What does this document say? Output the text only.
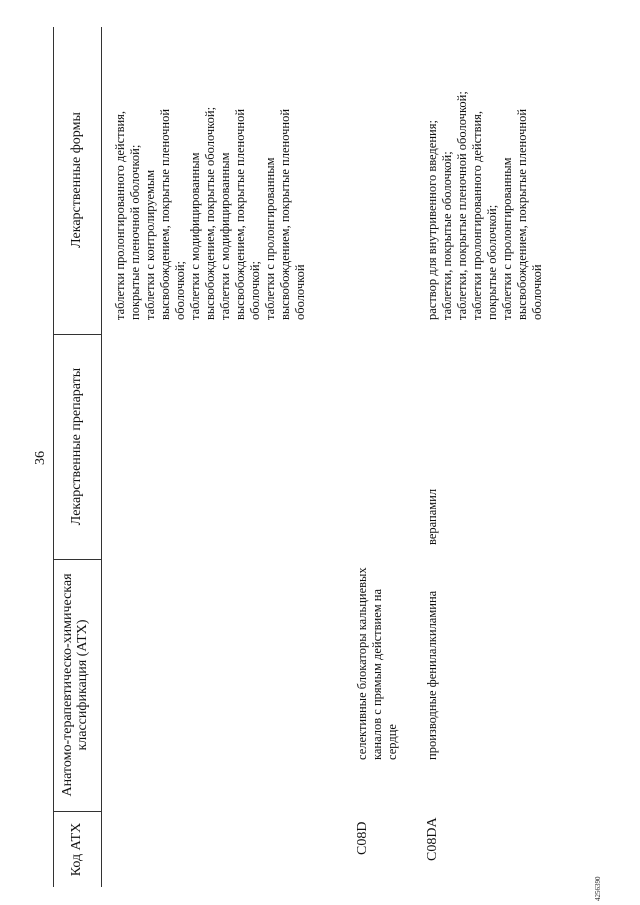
36
Код АТХ
Анатомо-терапевтическо-химическая классификация (АТХ)
Лекарственные препараты
Лекарственные формы таблетки пролонгированного действия, покрытые пленочной оболочкой; таблетки с контролируемым высвобождением, покрытые пленочной оболочкой; таблетки с модифицированным высвобождением, покрытые оболочкой; таблетки с модифицированным высвобождением, покрытые пленочной оболочкой; таблетки с пролонгированным высвобождением, покрытые пленочной оболочкой
C08D
селективные блокаторы кальциевых каналов с прямым действием на сердце
C08DA
производные фенилалкиламина
верапамил
раствор для внутривенного введения; таблетки, покрытые оболочкой; таблетки, покрытые пленочной оболочкой; таблетки пролонгированного действия, покрытые оболочкой; таблетки с пролонгированным высвобождением, покрытые пленочной оболочкой
4256390
